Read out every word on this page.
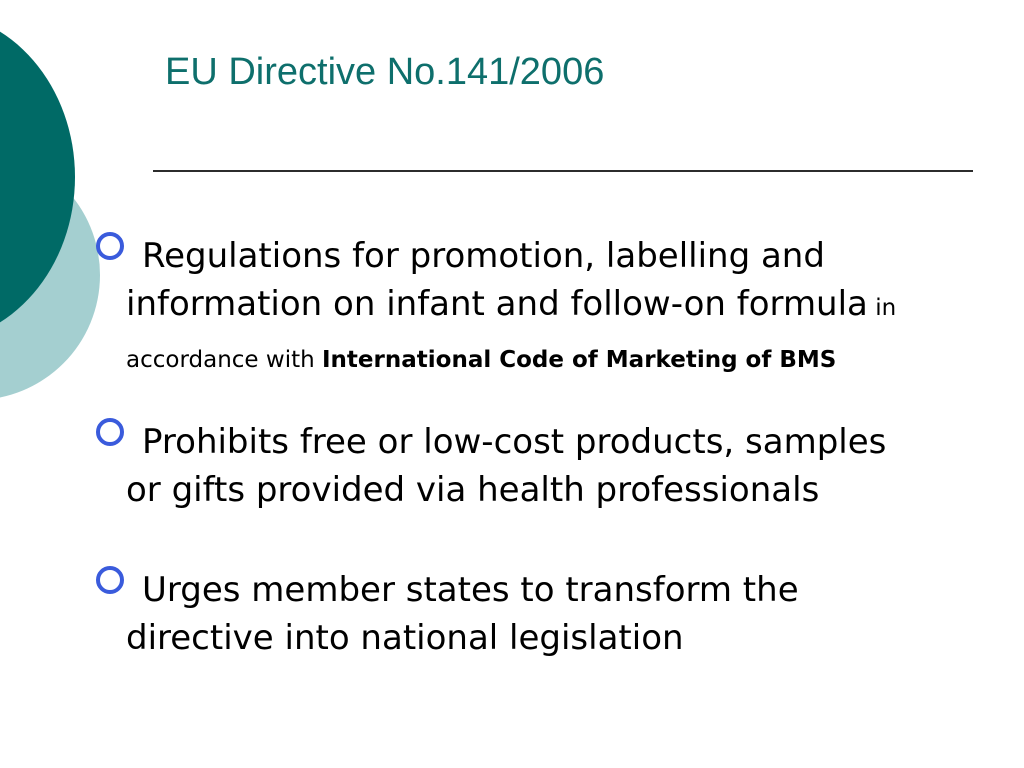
EU Directive No.141/2006
Regulations for promotion, labelling and information on infant and follow-on formula in accordance with International Code of Marketing of BMS
Prohibits free or low-cost products, samples or gifts provided via health professionals
Urges member states to transform the directive into national legislation
